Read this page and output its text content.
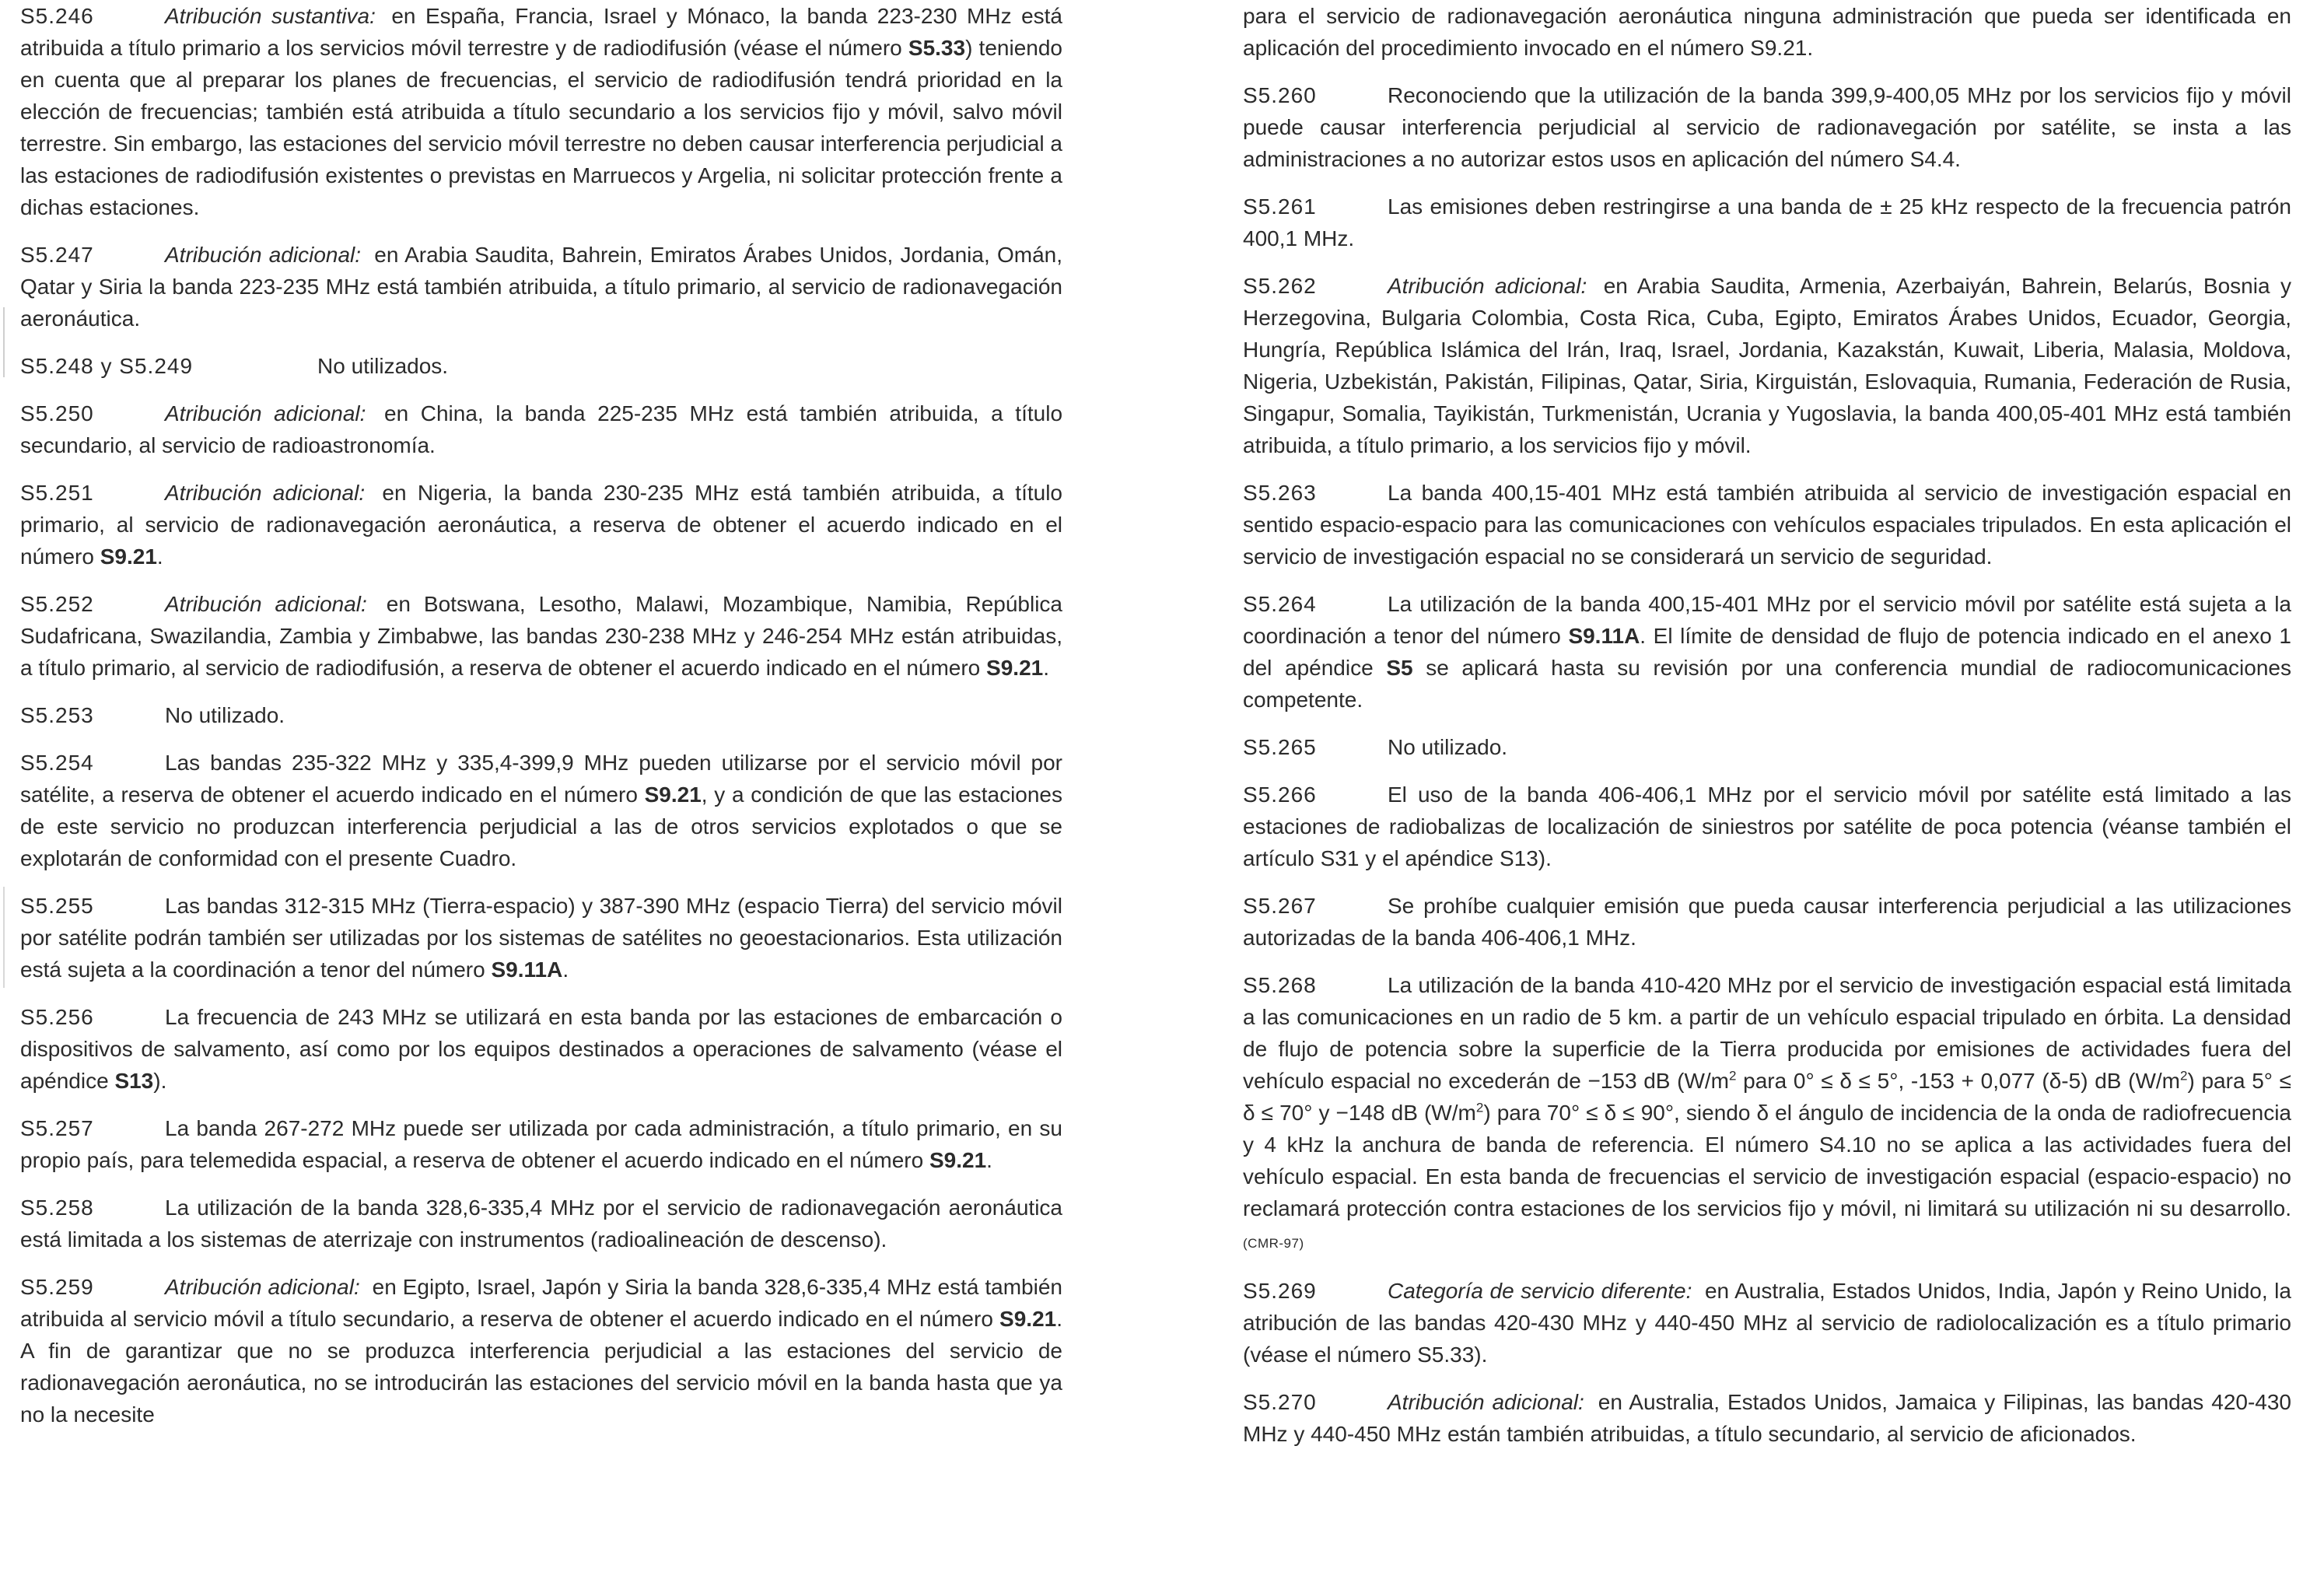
S5.246	Atribución sustantiva: en España, Francia, Israel y Mónaco, la banda 223-230 MHz está atribuida a título primario a los servicios móvil terrestre y de radiodifusión (véase el número S5.33) teniendo en cuenta que al preparar los planes de frecuencias, el servicio de radiodifusión tendrá prioridad en la elección de frecuencias; también está atribuida a título secundario a los servicios fijo y móvil, salvo móvil terrestre. Sin embargo, las estaciones del servicio móvil terrestre no deben causar interferencia perjudicial a las estaciones de radiodifusión existentes o previstas en Marruecos y Argelia, ni solicitar protección frente a dichas estaciones.

S5.247	Atribución adicional: en Arabia Saudita, Bahrein, Emiratos Árabes Unidos, Jordania, Omán, Qatar y Siria la banda 223-235 MHz está también atribuida, a título primario, al servicio de radionavegación aeronáutica.

S5.248 y S5.249	No utilizados.

S5.250	Atribución adicional: en China, la banda 225-235 MHz está también atribuida, a título secundario, al servicio de radioastronomía.

S5.251	Atribución adicional: en Nigeria, la banda 230-235 MHz está también atribuida, a título primario, al servicio de radionavegación aeronáutica, a reserva de obtener el acuerdo indicado en el número S9.21.

S5.252	Atribución adicional: en Botswana, Lesotho, Malawi, Mozambique, Namibia, República Sudafricana, Swazilandia, Zambia y Zimbabwe, las bandas 230-238 MHz y 246-254 MHz están atribuidas, a título primario, al servicio de radiodifusión, a reserva de obtener el acuerdo indicado en el número S9.21.

S5.253	No utilizado.

S5.254	Las bandas 235-322 MHz y 335,4-399,9 MHz pueden utilizarse por el servicio móvil por satélite, a reserva de obtener el acuerdo indicado en el número S9.21, y a condición de que las estaciones de este servicio no produzcan interferencia perjudicial a las de otros servicios explotados o que se explotarán de conformidad con el presente Cuadro.

S5.255	Las bandas 312-315 MHz (Tierra-espacio) y 387-390 MHz (espacio Tierra) del servicio móvil por satélite podrán también ser utilizadas por los sistemas de satélites no geoestacionarios. Esta utilización está sujeta a la coordinación a tenor del número S9.11A.

S5.256	La frecuencia de 243 MHz se utilizará en esta banda por las estaciones de embarcación o dispositivos de salvamento, así como por los equipos destinados a operaciones de salvamento (véase el apéndice S13).

S5.257	La banda 267-272 MHz puede ser utilizada por cada administración, a título primario, en su propio país, para telemedida espacial, a reserva de obtener el acuerdo indicado en el número S9.21.

S5.258	La utilización de la banda 328,6-335,4 MHz por el servicio de radionavegación aeronáutica está limitada a los sistemas de aterrizaje con instrumentos (radioalineación de descenso).

S5.259	Atribución adicional: en Egipto, Israel, Japón y Siria la banda 328,6-335,4 MHz está también atribuida al servicio móvil a título secundario, a reserva de obtener el acuerdo indicado en el número S9.21. A fin de garantizar que no se produzca interferencia perjudicial a las estaciones del servicio de radionavegación aeronáutica, no se introducirán las estaciones del servicio móvil en la banda hasta que ya no la necesite

para el servicio de radionavegación aeronáutica ninguna administración que pueda ser identificada en aplicación del procedimiento invocado en el número S9.21.

S5.260	Reconociendo que la utilización de la banda 399,9-400,05 MHz por los servicios fijo y móvil puede causar interferencia perjudicial al servicio de radionavegación por satélite, se insta a las administraciones a no autorizar estos usos en aplicación del número S4.4.

S5.261	Las emisiones deben restringirse a una banda de ± 25 kHz respecto de la frecuencia patrón 400,1 MHz.

S5.262	Atribución adicional: en Arabia Saudita, Armenia, Azerbaiyán, Bahrein, Belarús, Bosnia y Herzegovina, Bulgaria Colombia, Costa Rica, Cuba, Egipto, Emiratos Árabes Unidos, Ecuador, Georgia, Hungría, República Islámica del Irán, Iraq, Israel, Jordania, Kazakstán, Kuwait, Liberia, Malasia, Moldova, Nigeria, Uzbekistán, Pakistán, Filipinas, Qatar, Siria, Kirguistán, Eslovaquia, Rumania, Federación de Rusia, Singapur, Somalia, Tayikistán, Turkmenistán, Ucrania y Yugoslavia, la banda 400,05-401 MHz está también atribuida, a título primario, a los servicios fijo y móvil.

S5.263	La banda 400,15-401 MHz está también atribuida al servicio de investigación espacial en sentido espacio-espacio para las comunicaciones con vehículos espaciales tripulados. En esta aplicación el servicio de investigación espacial no se considerará un servicio de seguridad.

S5.264	La utilización de la banda 400,15-401 MHz por el servicio móvil por satélite está sujeta a la coordinación a tenor del número S9.11A. El límite de densidad de flujo de potencia indicado en el anexo 1 del apéndice S5 se aplicará hasta su revisión por una conferencia mundial de radiocomunicaciones competente.

S5.265	No utilizado.

S5.266	El uso de la banda 406-406,1 MHz por el servicio móvil por satélite está limitado a las estaciones de radiobalizas de localización de siniestros por satélite de poca potencia (véanse también el artículo S31 y el apéndice S13).

S5.267	Se prohíbe cualquier emisión que pueda causar interferencia perjudicial a las utilizaciones autorizadas de la banda 406-406,1 MHz.

S5.268	La utilización de la banda 410-420 MHz por el servicio de investigación espacial está limitada a las comunicaciones en un radio de 5 km. a partir de un vehículo espacial tripulado en órbita. La densidad de flujo de potencia sobre la superficie de la Tierra producida por emisiones de actividades fuera del vehículo espacial no excederán de −153 dB ($W/m^2$ para 0° ≤ δ ≤ 5°, -153 + 0,077 (δ-5) dB $(W/m^2)$ para 5° ≤ δ ≤ 70° y −148 dB $(W/m^2)$ para 70° ≤ δ ≤ 90°, siendo δ el ángulo de incidencia de la onda de radiofrecuencia y 4 kHz la anchura de banda de referencia. El número S4.10 no se aplica a las actividades fuera del vehículo espacial. En esta banda de frecuencias el servicio de investigación espacial (espacio-espacio) no reclamará protección contra estaciones de los servicios fijo y móvil, ni limitará su utilización ni su desarrollo. (CMR-97)

S5.269	Categoría de servicio diferente: en Australia, Estados Unidos, India, Japón y Reino Unido, la atribución de las bandas 420-430 MHz y 440-450 MHz al servicio de radiolocalización es a título primario (véase el número S5.33).

S5.270	Atribución adicional: en Australia, Estados Unidos, Jamaica y Filipinas, las bandas 420-430 MHz y 440-450 MHz están también atribuidas, a título secundario, al servicio de aficionados.
